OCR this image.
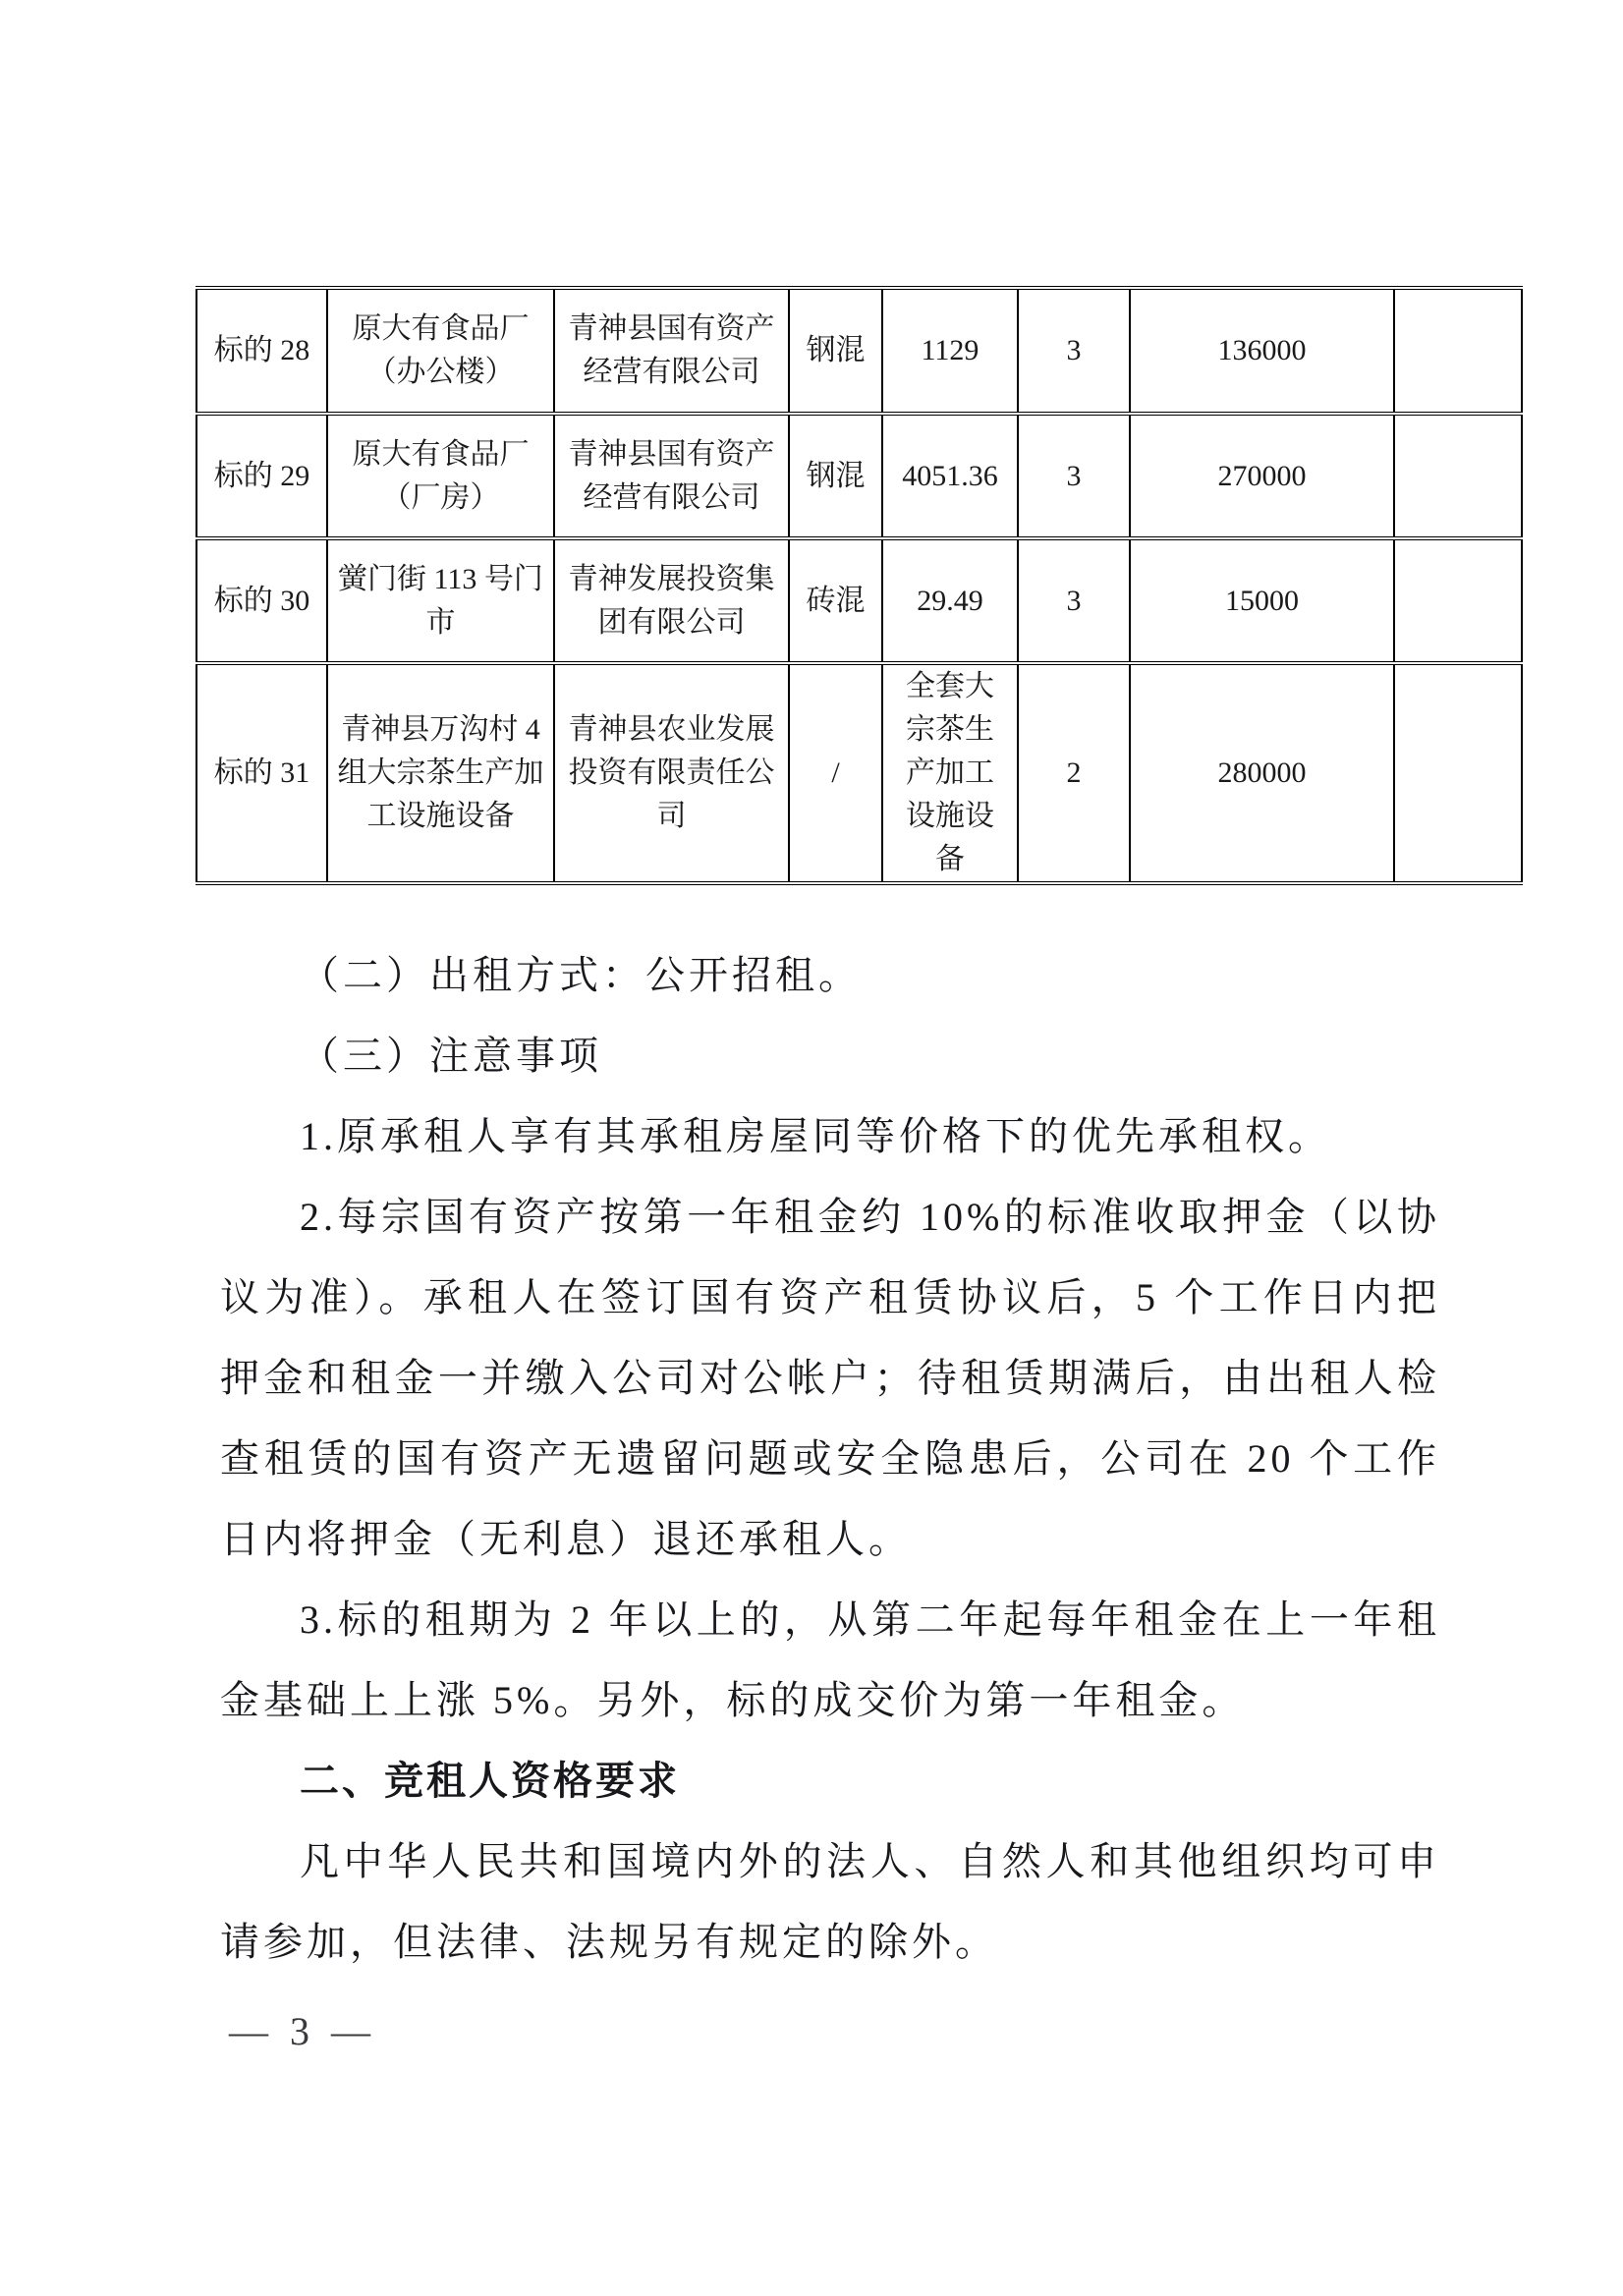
标的 28	原大有食品厂（办公楼）	青神县国有资产经营有限公司	钢混	1129	3	136000	
标的 29	原大有食品厂（厂房）	青神县国有资产经营有限公司	钢混	4051.36	3	270000	
标的 30	黉门街 113 号门市	青神发展投资集团有限公司	砖混	29.49	3	15000	
标的 31	青神县万沟村 4 组大宗茶生产加工设施设备	青神县农业发展投资有限责任公司	/	全套大宗茶生产加工设施设备	2	280000	
（二）出租方式：公开招租。
（三）注意事项
1.原承租人享有其承租房屋同等价格下的优先承租权。
2.每宗国有资产按第一年租金约 10%的标准收取押金（以协
议为准）。承租人在签订国有资产租赁协议后，5 个工作日内把
押金和租金一并缴入公司对公帐户；待租赁期满后，由出租人检
查租赁的国有资产无遗留问题或安全隐患后，公司在 20 个工作
日内将押金（无利息）退还承租人。
3.标的租期为 2 年以上的，从第二年起每年租金在上一年租
金基础上上涨 5%。另外，标的成交价为第一年租金。
二、竞租人资格要求
凡中华人民共和国境内外的法人、自然人和其他组织均可申
请参加，但法律、法规另有规定的除外。
— 3 —
